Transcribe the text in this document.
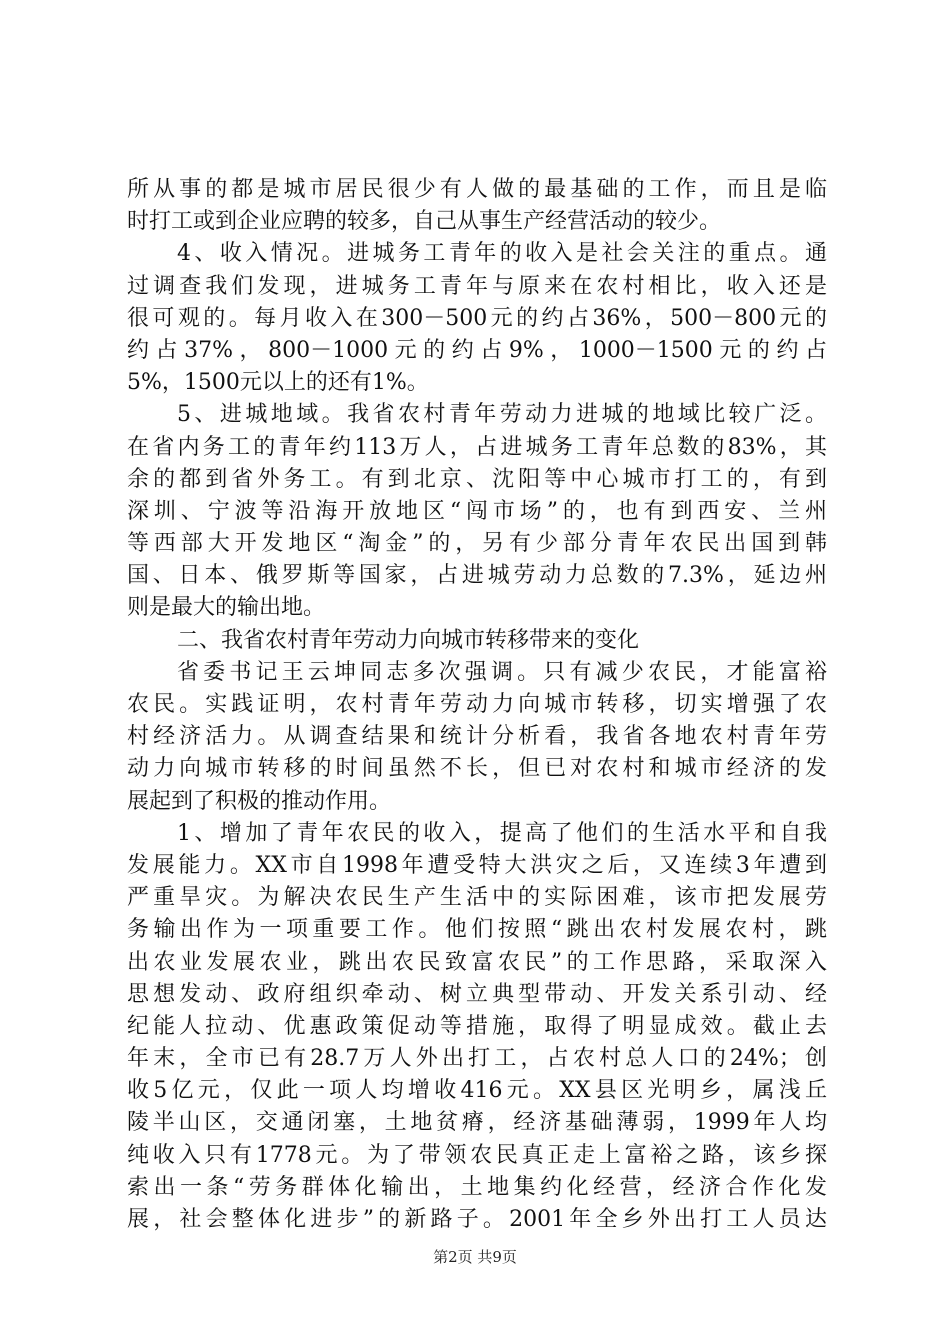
所从事的都是城市居民很少有人做的最基础的工作，而且是临
时打工或到企业应聘的较多，自己从事生产经营活动的较少。
4、收入情况。进城务工青年的收入是社会关注的重点。通
过调查我们发现，进城务工青年与原来在农村相比，收入还是
很可观的。每月收入在300－500元的约占36%，500－800元的
约占37%，800－1000元的约占9%，1000－1500元的约占
5%，1500元以上的还有1%。
5、进城地域。我省农村青年劳动力进城的地域比较广泛。
在省内务工的青年约113万人，占进城务工青年总数的83%，其
余的都到省外务工。有到北京、沈阳等中心城市打工的，有到
深圳、宁波等沿海开放地区“闯市场”的，也有到西安、兰州
等西部大开发地区“淘金”的，另有少部分青年农民出国到韩
国、日本、俄罗斯等国家，占进城劳动力总数的7.3%，延边州
则是最大的输出地。
二、我省农村青年劳动力向城市转移带来的变化
省委书记王云坤同志多次强调。只有减少农民，才能富裕
农民。实践证明，农村青年劳动力向城市转移，切实增强了农
村经济活力。从调查结果和统计分析看，我省各地农村青年劳
动力向城市转移的时间虽然不长，但已对农村和城市经济的发
展起到了积极的推动作用。
1、增加了青年农民的收入，提高了他们的生活水平和自我
发展能力。XX市自1998年遭受特大洪灾之后，又连续3年遭到
严重旱灾。为解决农民生产生活中的实际困难，该市把发展劳
务输出作为一项重要工作。他们按照“跳出农村发展农村，跳
出农业发展农业，跳出农民致富农民”的工作思路，采取深入
思想发动、政府组织牵动、树立典型带动、开发关系引动、经
纪能人拉动、优惠政策促动等措施，取得了明显成效。截止去
年末，全市已有28.7万人外出打工，占农村总人口的24%；创
收5亿元，仅此一项人均增收416元。XX县区光明乡，属浅丘
陵半山区，交通闭塞，土地贫瘠，经济基础薄弱，1999年人均
纯收入只有1778元。为了带领农民真正走上富裕之路，该乡探
索出一条“劳务群体化输出，土地集约化经营，经济合作化发
展，社会整体化进步”的新路子。2001年全乡外出打工人员达
第2页 共9页
